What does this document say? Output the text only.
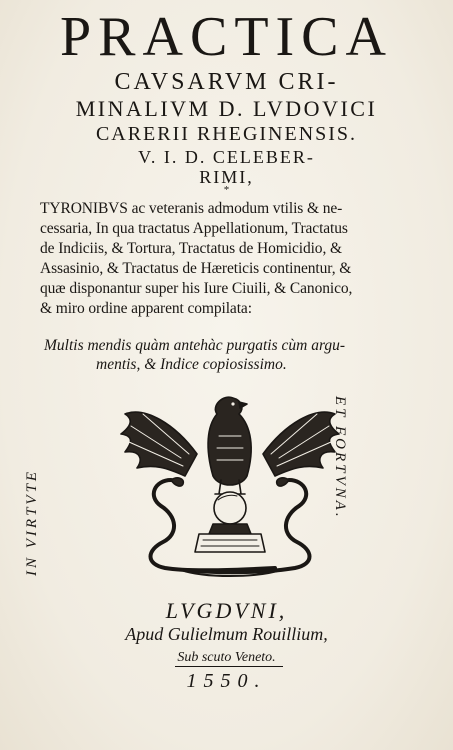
PRACTICA
CAVSARVM CRI-
MINALIVM D. LVDOVICI
CARERII RHEGINENSIS.
V. I. D. CELEBER-
RIMI,
*
TYRONIBVS ac veteranis admodum vtilis & ne-
cessaria, In qua tractatus Appellationum, Tractatus
de Indiciis, & Tortura, Tractatus de Homicidio, &
Assasinio, & Tractatus de Hæreticis continentur, &
quæ disponantur super his Iure Ciuili, & Canonico,
& miro ordine apparent compilata:
Multis mendis quàm antehàc purgatis cùm argu-
mentis, & Indice copiosissimo.
IN VIRTVTE
ET FORTVNA.
LVGDVNI,
Apud Gulielmum Rouillium,
Sub scuto Veneto.
1550.
